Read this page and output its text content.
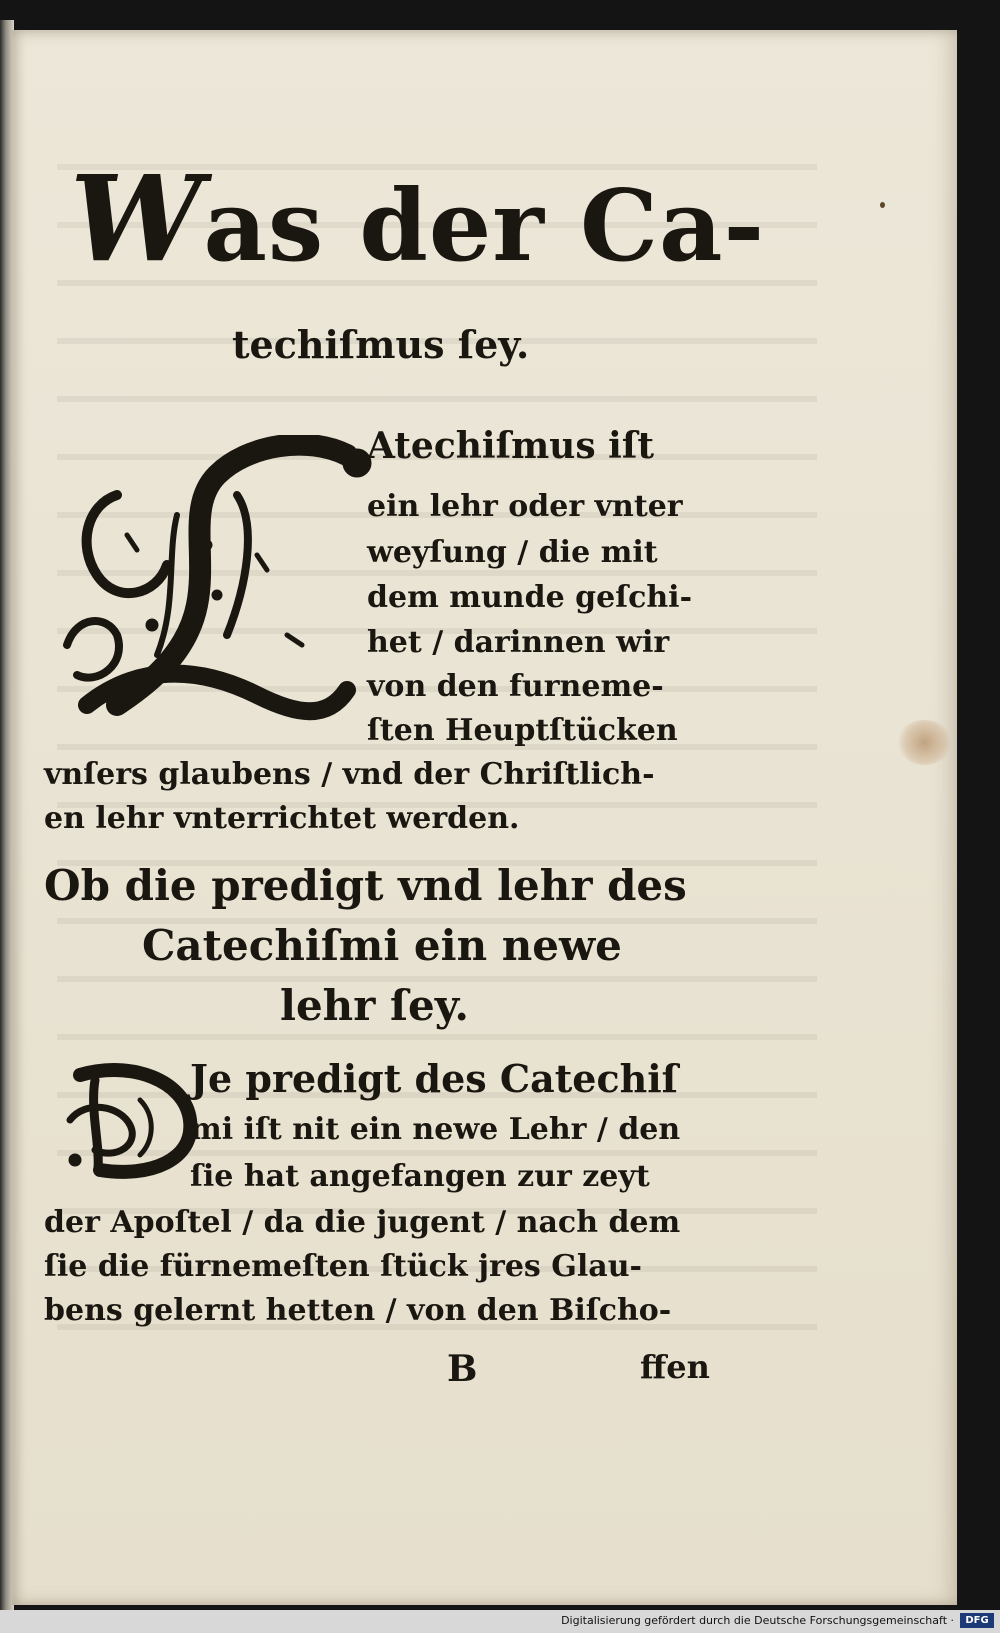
Was der Ca-
techiſmus ſey.
Atechiſmus iſt
ein lehr oder vnter
weyſung / die mit
dem munde geſchi-
het / darinnen wir
von den furneme-
ſten Heuptſtücken
vnſers glaubens / vnd der Chriſtlich-
en lehr vnterrichtet werden.
Ob die predigt vnd lehr des
Catechiſmi ein newe
lehr ſey.
Je predigt des Catechiſ
mi iſt nit ein newe Lehr / den
ſie hat angefangen zur zeyt
der Apoſtel / da die jugent / nach dem
ſie die fürnemeſten ſtück jres Glau-
bens gelernt hetten / von den Biſcho-
B	ffen
Digitalisierung gefördert durch die Deutsche Forschungsgemeinschaft ·	DFG
